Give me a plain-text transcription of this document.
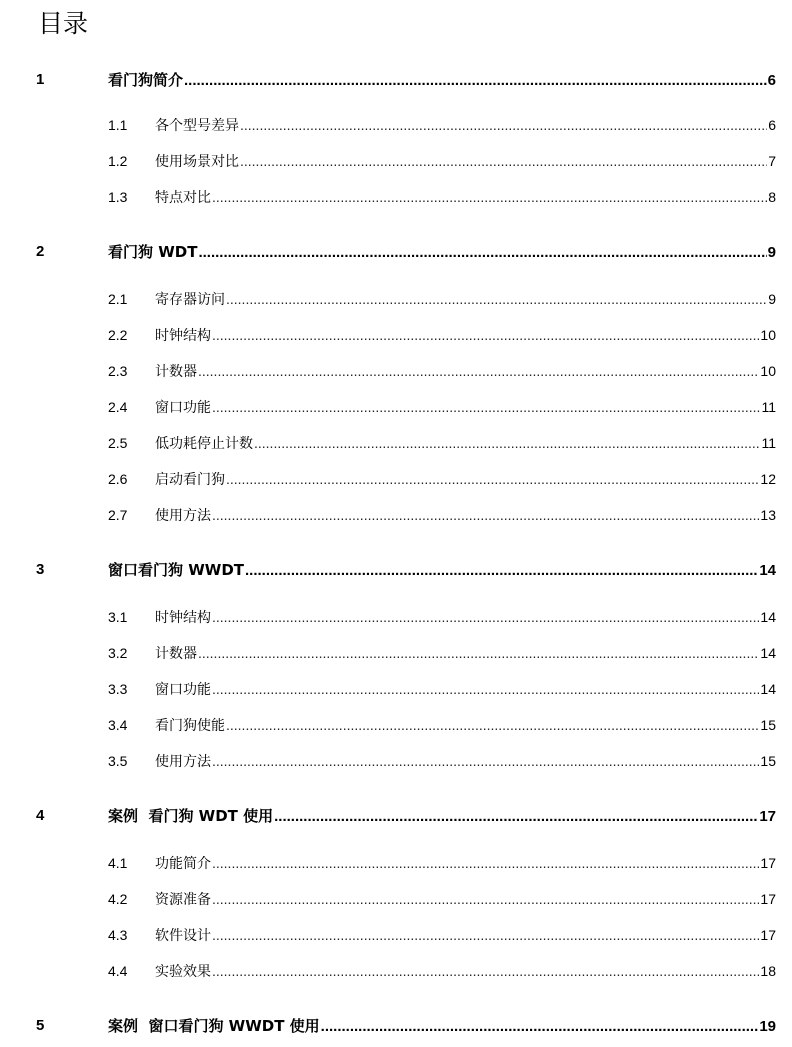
目录
1	看门狗简介 .....	6
1.1 各个型号差异 .....	6
1.2 使用场景对比 .....	7
1.3 特点对比 .....	8
2	看门狗 WDT .....	9
2.1 寄存器访问 .....	9
2.2 时钟结构 .....	10
2.3 计数器 .....	10
2.4 窗口功能 .....	11
2.5 低功耗停止计数 .....	11
2.6 启动看门狗 .....	12
2.7 使用方法 .....	13
3	窗口看门狗 WWDT .....	14
3.1 时钟结构 .....	14
3.2 计数器 .....	14
3.3 窗口功能 .....	14
3.4 看门狗使能 .....	15
3.5 使用方法 .....	15
4	案例  看门狗 WDT 使用 .....	17
4.1 功能简介 .....	17
4.2 资源准备 .....	17
4.3 软件设计 .....	17
4.4 实验效果 .....	18
5	案例  窗口看门狗 WWDT 使用 .....	19
